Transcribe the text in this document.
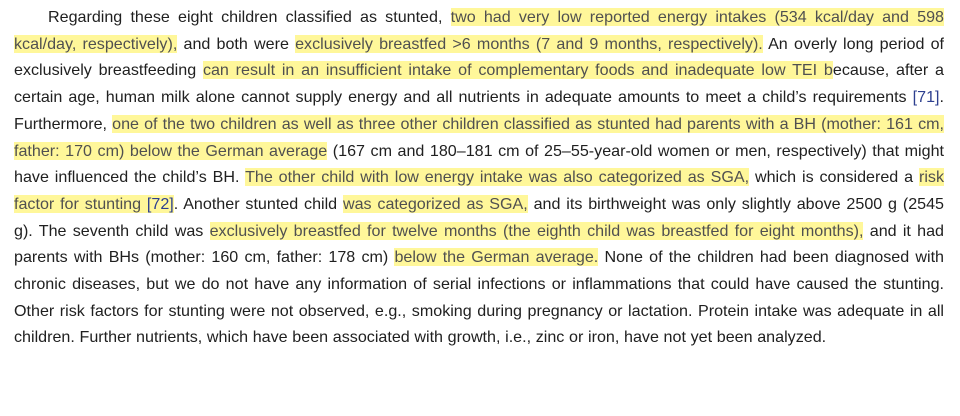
Regarding these eight children classified as stunted, two had very low reported energy intakes (534 kcal/day and 598 kcal/day, respectively), and both were exclusively breastfed >6 months (7 and 9 months, respectively). An overly long period of exclusively breastfeeding can result in an insufficient intake of complementary foods and inadequate low TEI because, after a certain age, human milk alone cannot supply energy and all nutrients in adequate amounts to meet a child’s requirements [71]. Furthermore, one of the two children as well as three other children classified as stunted had parents with a BH (mother: 161 cm, father: 170 cm) below the German average (167 cm and 180–181 cm of 25–55-year-old women or men, respectively) that might have influenced the child’s BH. The other child with low energy intake was also categorized as SGA, which is considered a risk factor for stunting [72]. Another stunted child was categorized as SGA, and its birthweight was only slightly above 2500 g (2545 g). The seventh child was exclusively breastfed for twelve months (the eighth child was breastfed for eight months), and it had parents with BHs (mother: 160 cm, father: 178 cm) below the German average. None of the children had been diagnosed with chronic diseases, but we do not have any information of serial infections or inflammations that could have caused the stunting. Other risk factors for stunting were not observed, e.g., smoking during pregnancy or lactation. Protein intake was adequate in all children. Further nutrients, which have been associated with growth, i.e., zinc or iron, have not yet been analyzed.
